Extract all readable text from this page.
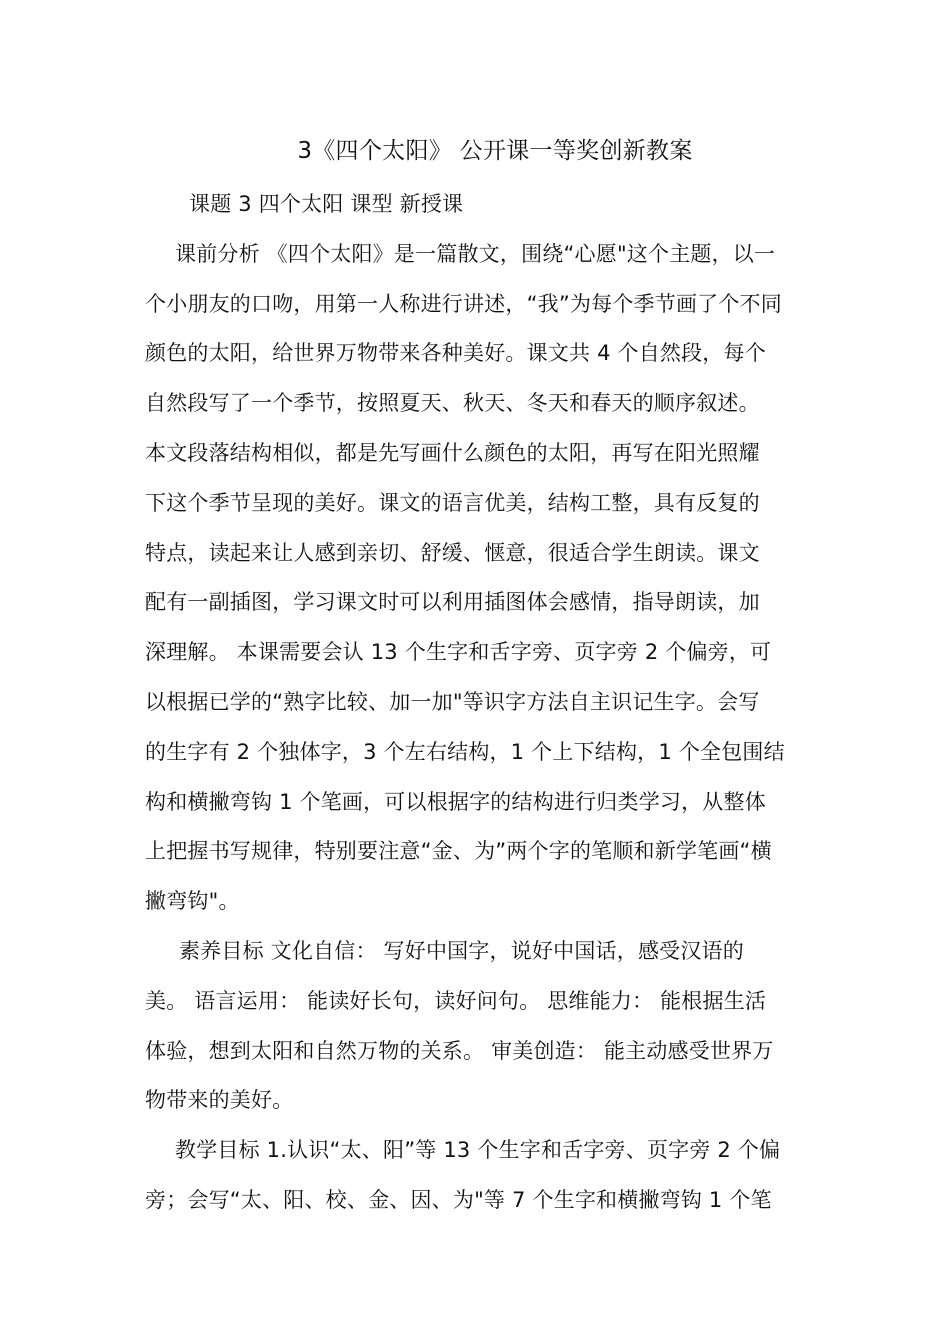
3《四个太阳》 公开课一等奖创新教案
课题 3 四个太阳 课型 新授课
课前分析 《四个太阳》是一篇散文，围绕“心愿"这个主题，以一
个小朋友的口吻，用第一人称进行讲述，“我”为每个季节画了个不同
颜色的太阳，给世界万物带来各种美好。课文共 4 个自然段，每个
自然段写了一个季节，按照夏天、秋天、冬天和春天的顺序叙述。
本文段落结构相似，都是先写画什么颜色的太阳，再写在阳光照耀
下这个季节呈现的美好。课文的语言优美，结构工整，具有反复的
特点，读起来让人感到亲切、舒缓、惬意，很适合学生朗读。课文
配有一副插图，学习课文时可以利用插图体会感情，指导朗读，加
深理解。 本课需要会认 13 个生字和舌字旁、页字旁 2 个偏旁，可
以根据已学的“熟字比较、加一加"等识字方法自主识记生字。会写
的生字有 2 个独体字，3 个左右结构，1 个上下结构，1 个全包围结
构和横撇弯钩 1 个笔画，可以根据字的结构进行归类学习，从整体
上把握书写规律，特别要注意“金、为”两个字的笔顺和新学笔画“横
撇弯钩"。
素养目标 文化自信： 写好中国字，说好中国话，感受汉语的
美。 语言运用： 能读好长句，读好问句。 思维能力： 能根据生活
体验，想到太阳和自然万物的关系。 审美创造： 能主动感受世界万
物带来的美好。
教学目标 1.认识“太、阳”等 13 个生字和舌字旁、页字旁 2 个偏
旁；会写“太、阳、校、金、因、为"等 7 个生字和横撇弯钩 1 个笔
